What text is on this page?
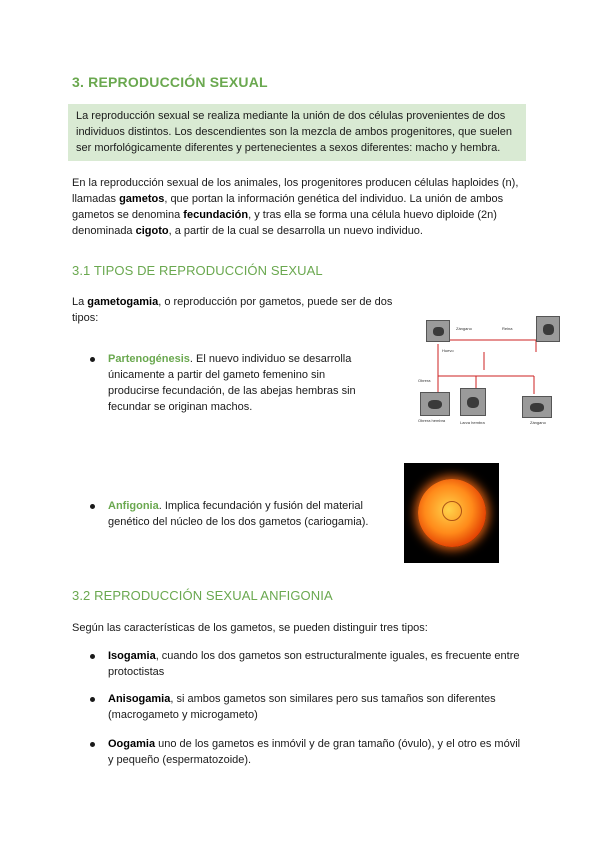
3. REPRODUCCIÓN SEXUAL
La reproducción sexual se realiza mediante la unión de dos células provenientes de dos individuos distintos. Los descendientes son la mezcla de ambos progenitores, que suelen ser morfológicamente diferentes y pertenecientes a sexos diferentes: macho y hembra.
En la reproducción sexual de los animales, los progenitores producen células haploides (n), llamadas gametos, que portan la información genética del individuo. La unión de ambos gametos se denomina fecundación, y tras ella se forma una célula huevo diploide (2n) denominada cigoto, a partir de la cual se desarrolla un nuevo individuo.
3.1 TIPOS DE REPRODUCCIÓN SEXUAL
La gametogamia, o reproducción por gametos, puede ser de dos tipos:
Partenogénesis. El nuevo individuo se desarrolla únicamente a partir del gameto femenino sin producirse fecundación, de las abejas hembras sin fecundar se originan machos.
Zángano	Reina
Huevo
Obrera
Obrera hembra	Larva hembra	Zángano
Anfigonia. Implica fecundación y fusión del material genético del núcleo de los dos gametos (cariogamia).
3.2 REPRODUCCIÓN SEXUAL ANFIGONIA
Según las características de los gametos, se pueden distinguir tres tipos:
Isogamia, cuando los dos gametos son estructuralmente iguales, es frecuente entre protoctistas
Anisogamia, si ambos gametos son similares pero sus tamaños son diferentes (macrogameto y microgameto)
Oogamia uno de los gametos es inmóvil y de gran tamaño (óvulo), y el otro es móvil y pequeño (espermatozoide).
